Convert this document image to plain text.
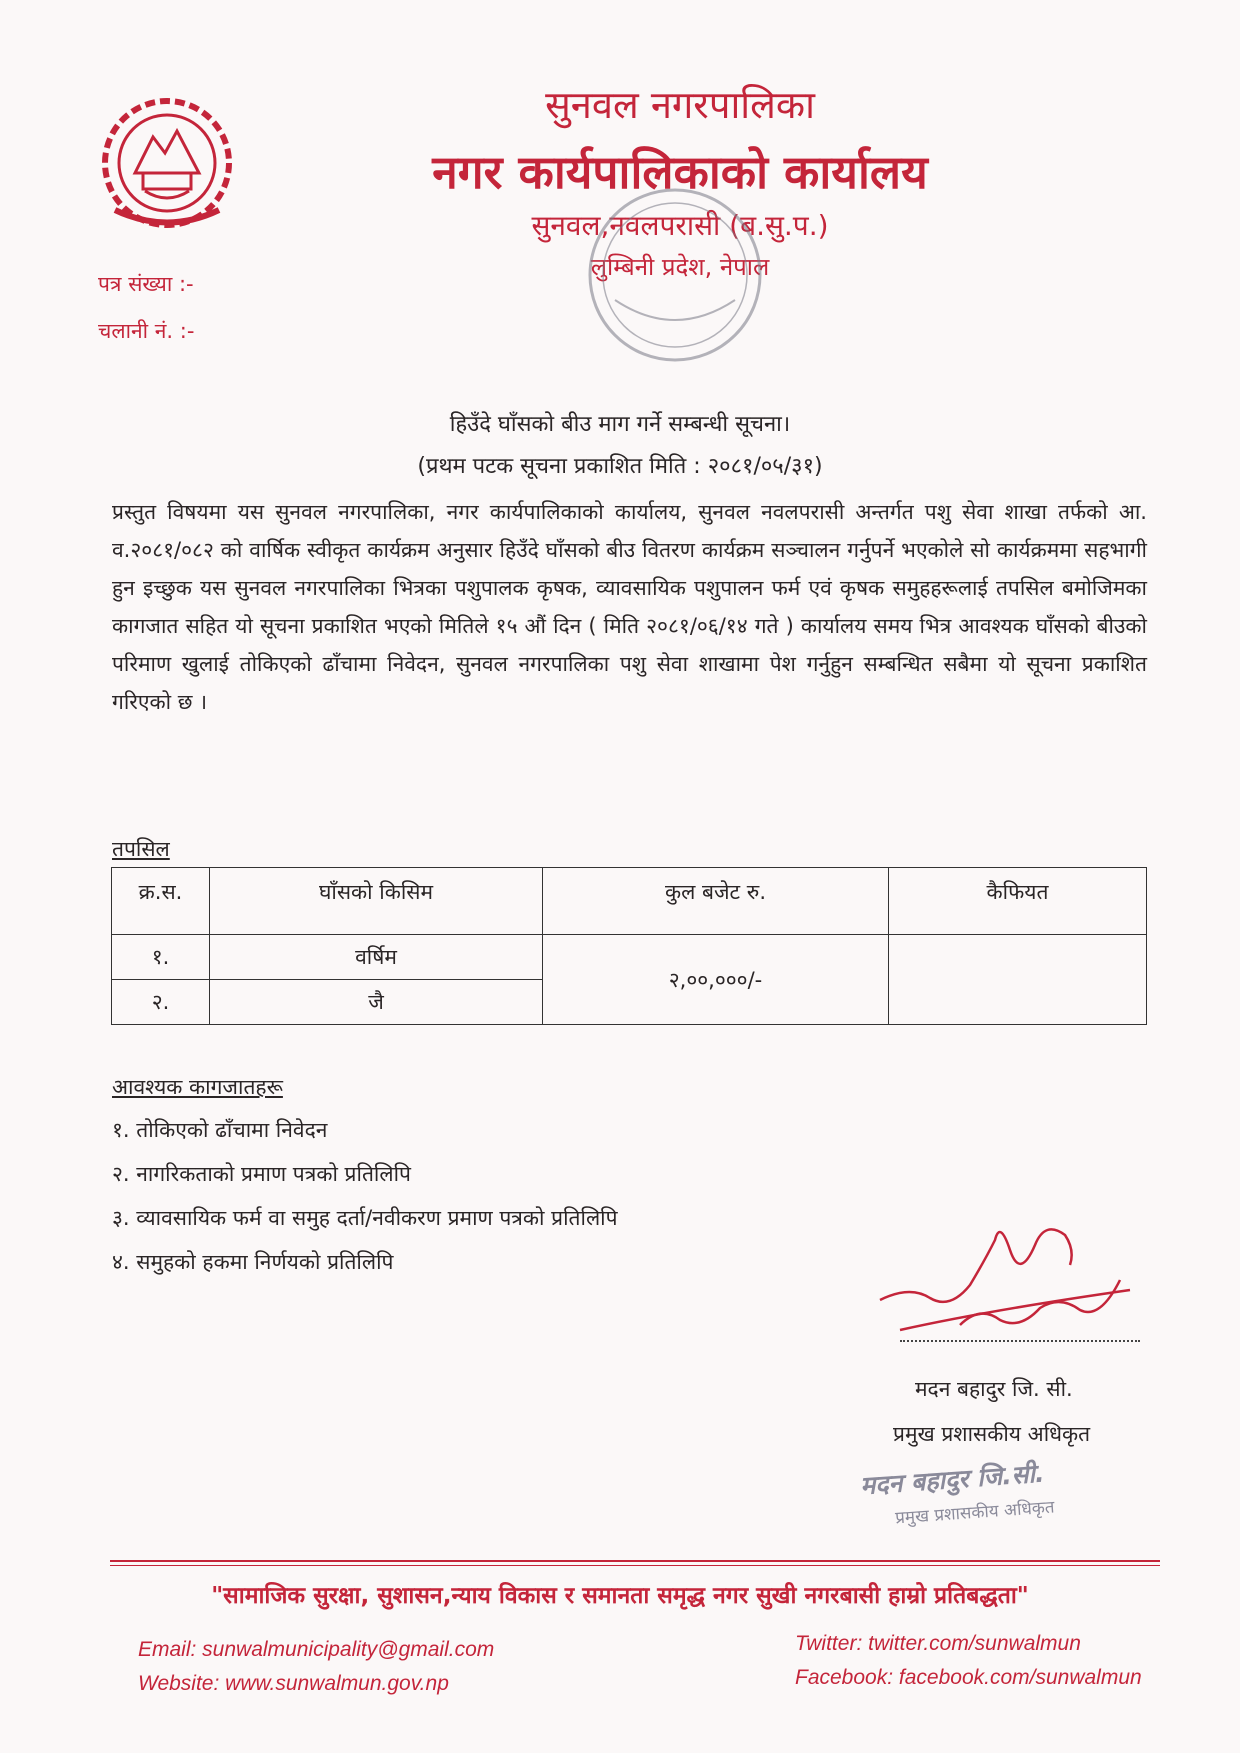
सुनवल नगरपालिका
नगर कार्यपालिकाको कार्यालय
सुनवल,नवलपरासी (ब.सु.प.)
लुम्बिनी प्रदेश, नेपाल
पत्र संख्या :-
चलानी नं. :-
हिउँदे घाँसको बीउ माग गर्ने सम्बन्धी सूचना।
(प्रथम पटक सूचना प्रकाशित मिति : २०८१/०५/३१)
प्रस्तुत विषयमा यस सुनवल नगरपालिका, नगर कार्यपालिकाको कार्यालय, सुनवल नवलपरासी अन्तर्गत पशु सेवा शाखा तर्फको आ. व.२०८१/०८२ को वार्षिक स्वीकृत कार्यक्रम अनुसार हिउँदे घाँसको बीउ वितरण कार्यक्रम सञ्चालन गर्नुपर्ने भएकोले सो कार्यक्रममा सहभागी हुन इच्छुक यस सुनवल नगरपालिका भित्रका पशुपालक कृषक, व्यावसायिक पशुपालन फर्म एवं कृषक समुहहरूलाई तपसिल बमोजिमका कागजात सहित यो सूचना प्रकाशित भएको मितिले १५ औं दिन ( मिति २०८१/०६/१४ गते ) कार्यालय समय भित्र आवश्यक घाँसको बीउको परिमाण खुलाई तोकिएको ढाँचामा निवेदन, सुनवल नगरपालिका पशु सेवा शाखामा पेश गर्नुहुन सम्बन्धित सबैमा यो सूचना प्रकाशित गरिएको छ ।
तपसिल
क्र.स.	घाँसको किसिम	कुल बजेट रु.	कैफियत
१.	वर्षिम	२,००,०००/-	
२.	जै		
आवश्यक कागजातहरू
१. तोकिएको ढाँचामा निवेदन
२. नागरिकताको प्रमाण पत्रको प्रतिलिपि
३. व्यावसायिक फर्म वा समुह दर्ता/नवीकरण प्रमाण पत्रको प्रतिलिपि
४. समुहको हकमा निर्णयको प्रतिलिपि
मदन बहादुर जि. सी.
प्रमुख प्रशासकीय अधिकृत
मदन बहादुर जि.सी.
प्रमुख प्रशासकीय अधिकृत
"सामाजिक सुरक्षा, सुशासन,न्याय विकास र समानता समृद्ध नगर सुखी नगरबासी हाम्रो प्रतिबद्धता"
Email: sunwalmunicipality@gmail.com
Website: www.sunwalmun.gov.np
Twitter: twitter.com/sunwalmun
Facebook: facebook.com/sunwalmun
